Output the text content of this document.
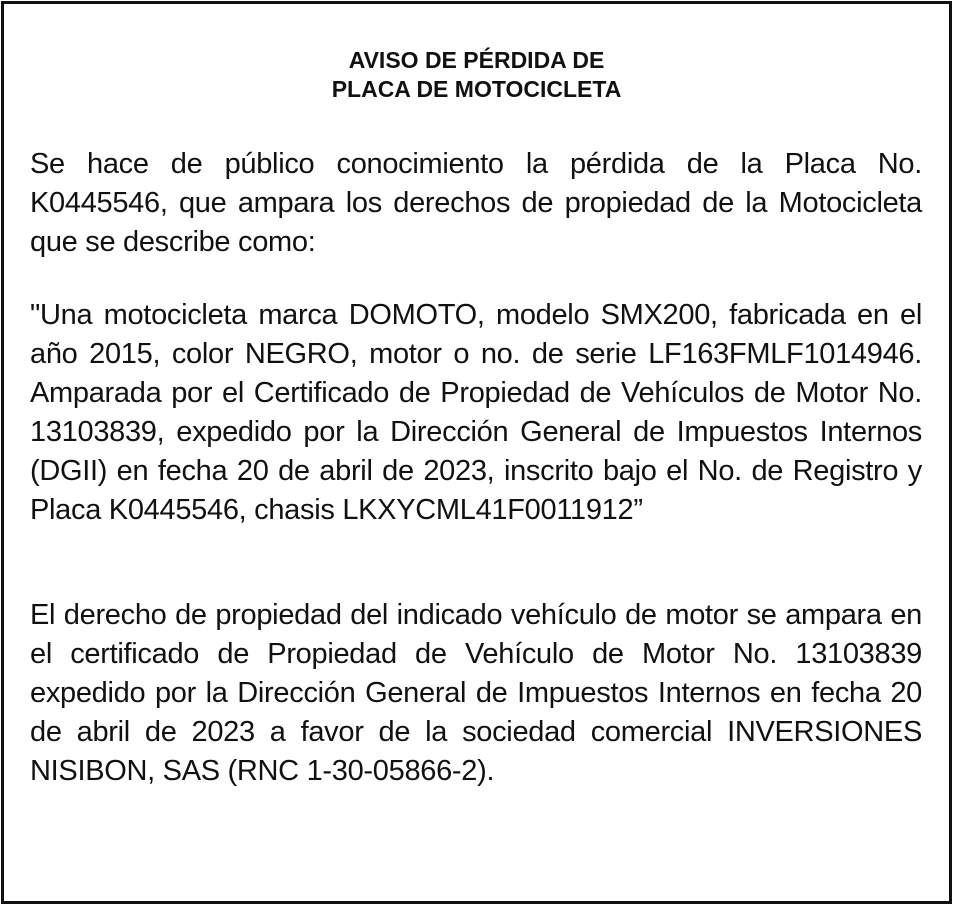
AVISO DE PÉRDIDA DE
PLACA DE MOTOCICLETA

Se hace de público conocimiento la pérdida de la Placa No. K0445546, que ampara los derechos de propiedad de la Motocicleta que se describe como:

"Una motocicleta marca DOMOTO, modelo SMX200, fabricada en el año 2015, color NEGRO, motor o no. de serie LF163FMLF1014946. Amparada por el Certificado de Propiedad de Vehículos de Motor No. 13103839, expedido por la Dirección General de Impuestos Internos (DGII) en fecha 20 de abril de 2023, inscrito bajo el No. de Registro y Placa K0445546, chasis LKXYCML41F0011912”

El derecho de propiedad del indicado vehículo de motor se ampara en el certificado de Propiedad de Vehículo de Motor No. 13103839 expedido por la Dirección General de Impuestos Internos en fecha 20 de abril de 2023 a favor de la sociedad comercial INVERSIONES NISIBON, SAS (RNC 1-30-05866-2).
